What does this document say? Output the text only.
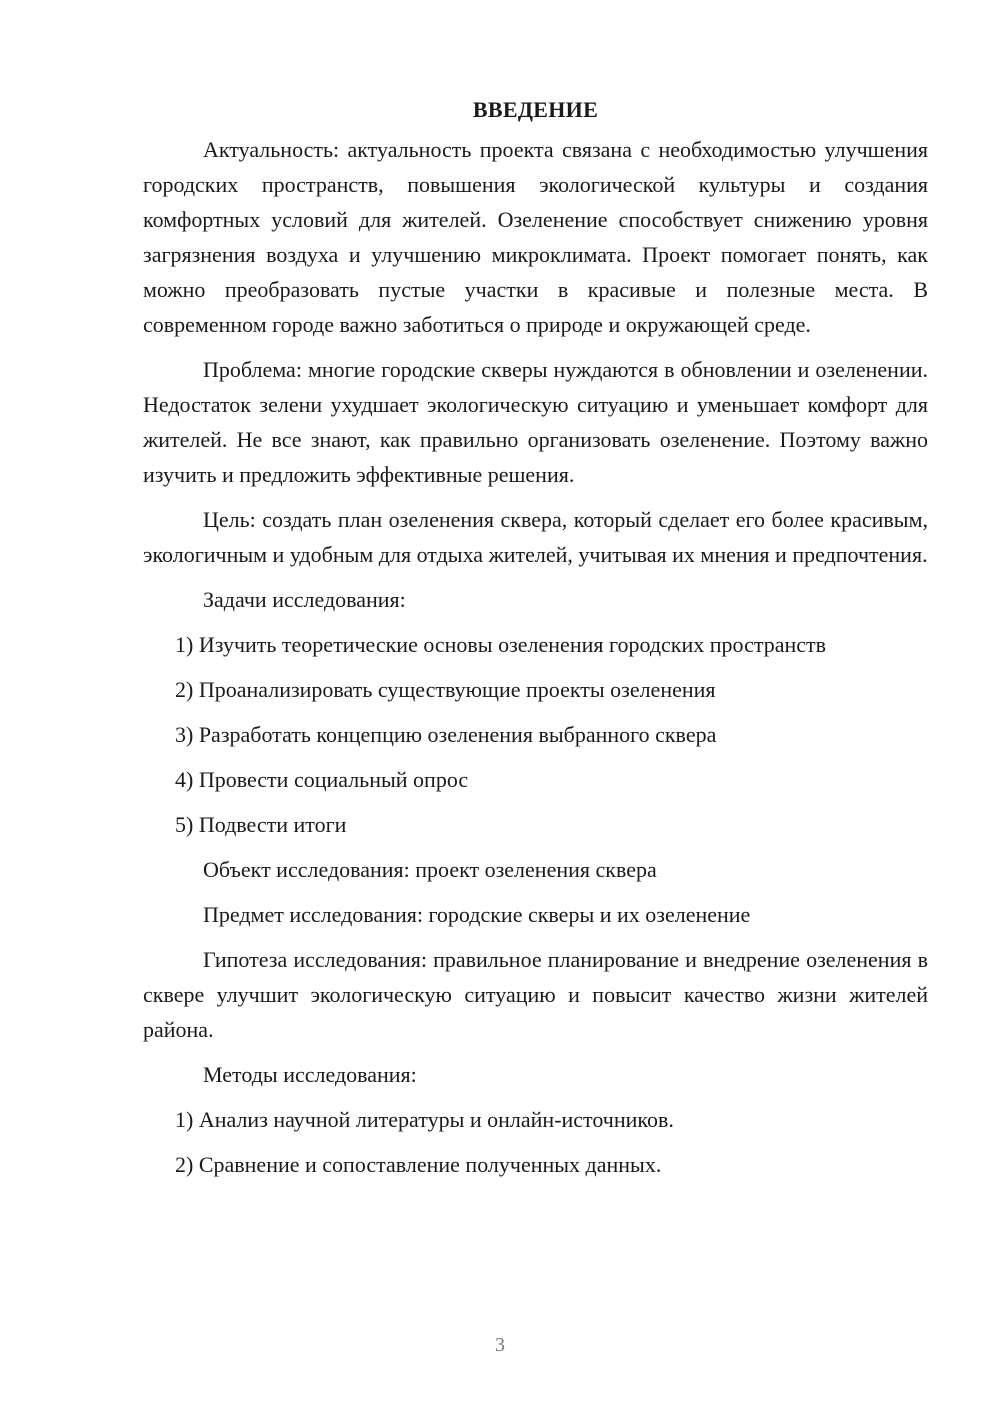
ВВЕДЕНИЕ

Актуальность: актуальность проекта связана с необходимостью улучшения городских пространств, повышения экологической культуры и создания комфортных условий для жителей. Озеленение способствует снижению уровня загрязнения воздуха и улучшению микроклимата. Проект помогает понять, как можно преобразовать пустые участки в красивые и полезные места. В современном городе важно заботиться о природе и окружающей среде.

Проблема: многие городские скверы нуждаются в обновлении и озеленении. Недостаток зелени ухудшает экологическую ситуацию и уменьшает комфорт для жителей. Не все знают, как правильно организовать озеленение. Поэтому важно изучить и предложить эффективные решения.

Цель: создать план озеленения сквера, который сделает его более красивым, экологичным и удобным для отдыха жителей, учитывая их мнения и предпочтения.

Задачи исследования:
1) Изучить теоретические основы озеленения городских пространств
2) Проанализировать существующие проекты озеленения
3) Разработать концепцию озеленения выбранного сквера
4) Провести социальный опрос
5) Подвести итоги
Объект исследования: проект озеленения сквера
Предмет исследования: городские скверы и их озеленение

Гипотеза исследования: правильное планирование и внедрение озеленения в сквере улучшит экологическую ситуацию и повысит качество жизни жителей района.

Методы исследования:
1) Анализ научной литературы и онлайн-источников.
2) Сравнение и сопоставление полученных данных.
3
